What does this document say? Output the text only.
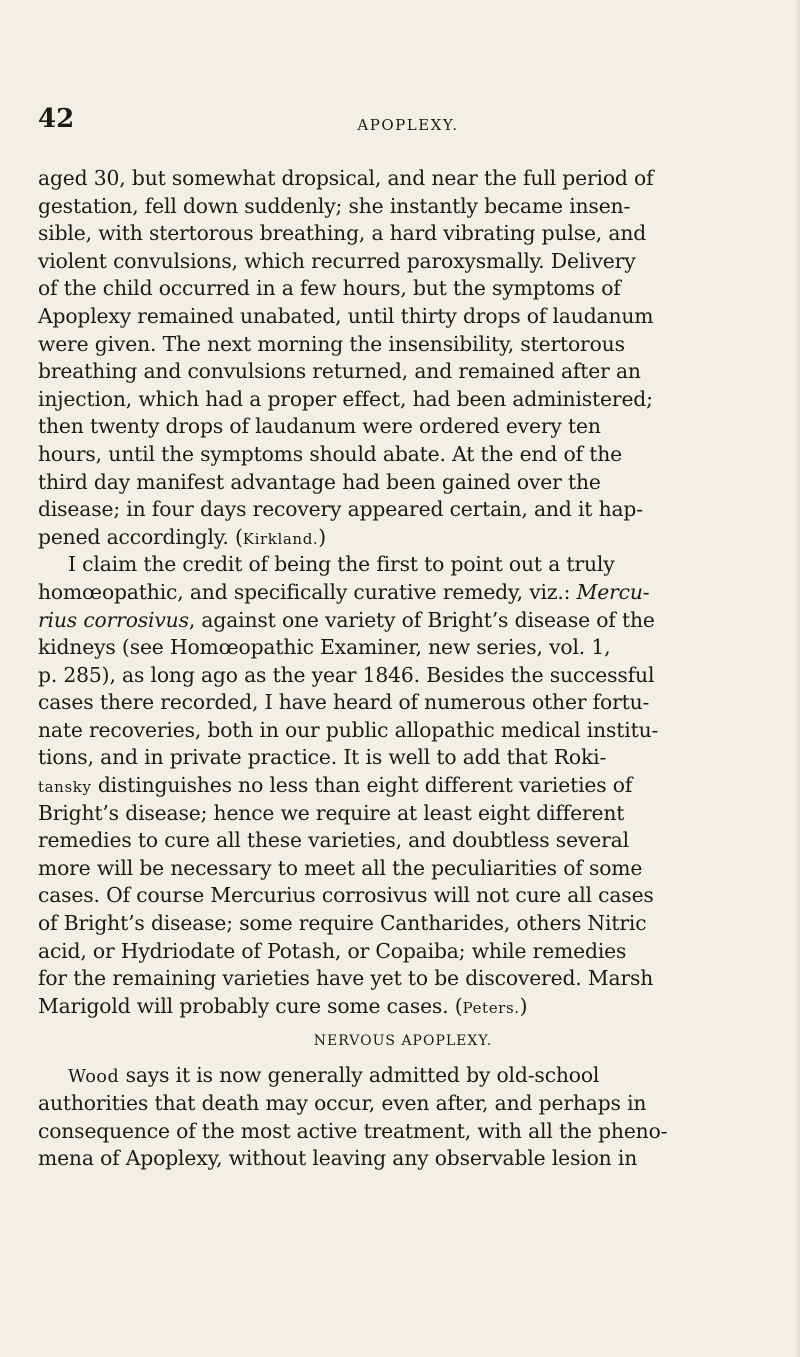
42	APOPLEXY.
aged 30, but somewhat dropsical, and near the full period of
gestation, fell down suddenly; she instantly became insen-
sible, with stertorous breathing, a hard vibrating pulse, and
violent convulsions, which recurred paroxysmally. Delivery
of the child occurred in a few hours, but the symptoms of
Apoplexy remained unabated, until thirty drops of laudanum
were given. The next morning the insensibility, stertorous
breathing and convulsions returned, and remained after an
injection, which had a proper effect, had been administered;
then twenty drops of laudanum were ordered every ten
hours, until the symptoms should abate. At the end of the
third day manifest advantage had been gained over the
disease; in four days recovery appeared certain, and it hap-
pened accordingly. (Kirkland.)
I claim the credit of being the first to point out a truly
homœopathic, and specifically curative remedy, viz.: Mercu-
rius corrosivus, against one variety of Bright’s disease of the
kidneys (see Homœopathic Examiner, new series, vol. 1,
p. 285), as long ago as the year 1846. Besides the successful
cases there recorded, I have heard of numerous other fortu-
nate recoveries, both in our public allopathic medical institu-
tions, and in private practice. It is well to add that Roki-
tansky distinguishes no less than eight different varieties of
Bright’s disease; hence we require at least eight different
remedies to cure all these varieties, and doubtless several
more will be necessary to meet all the peculiarities of some
cases. Of course Mercurius corrosivus will not cure all cases
of Bright’s disease; some require Cantharides, others Nitric
acid, or Hydriodate of Potash, or Copaiba; while remedies
for the remaining varieties have yet to be discovered. Marsh
Marigold will probably cure some cases. (Peters.)
NERVOUS APOPLEXY.
Wood says it is now generally admitted by old-school
authorities that death may occur, even after, and perhaps in
consequence of the most active treatment, with all the pheno-
mena of Apoplexy, without leaving any observable lesion in
